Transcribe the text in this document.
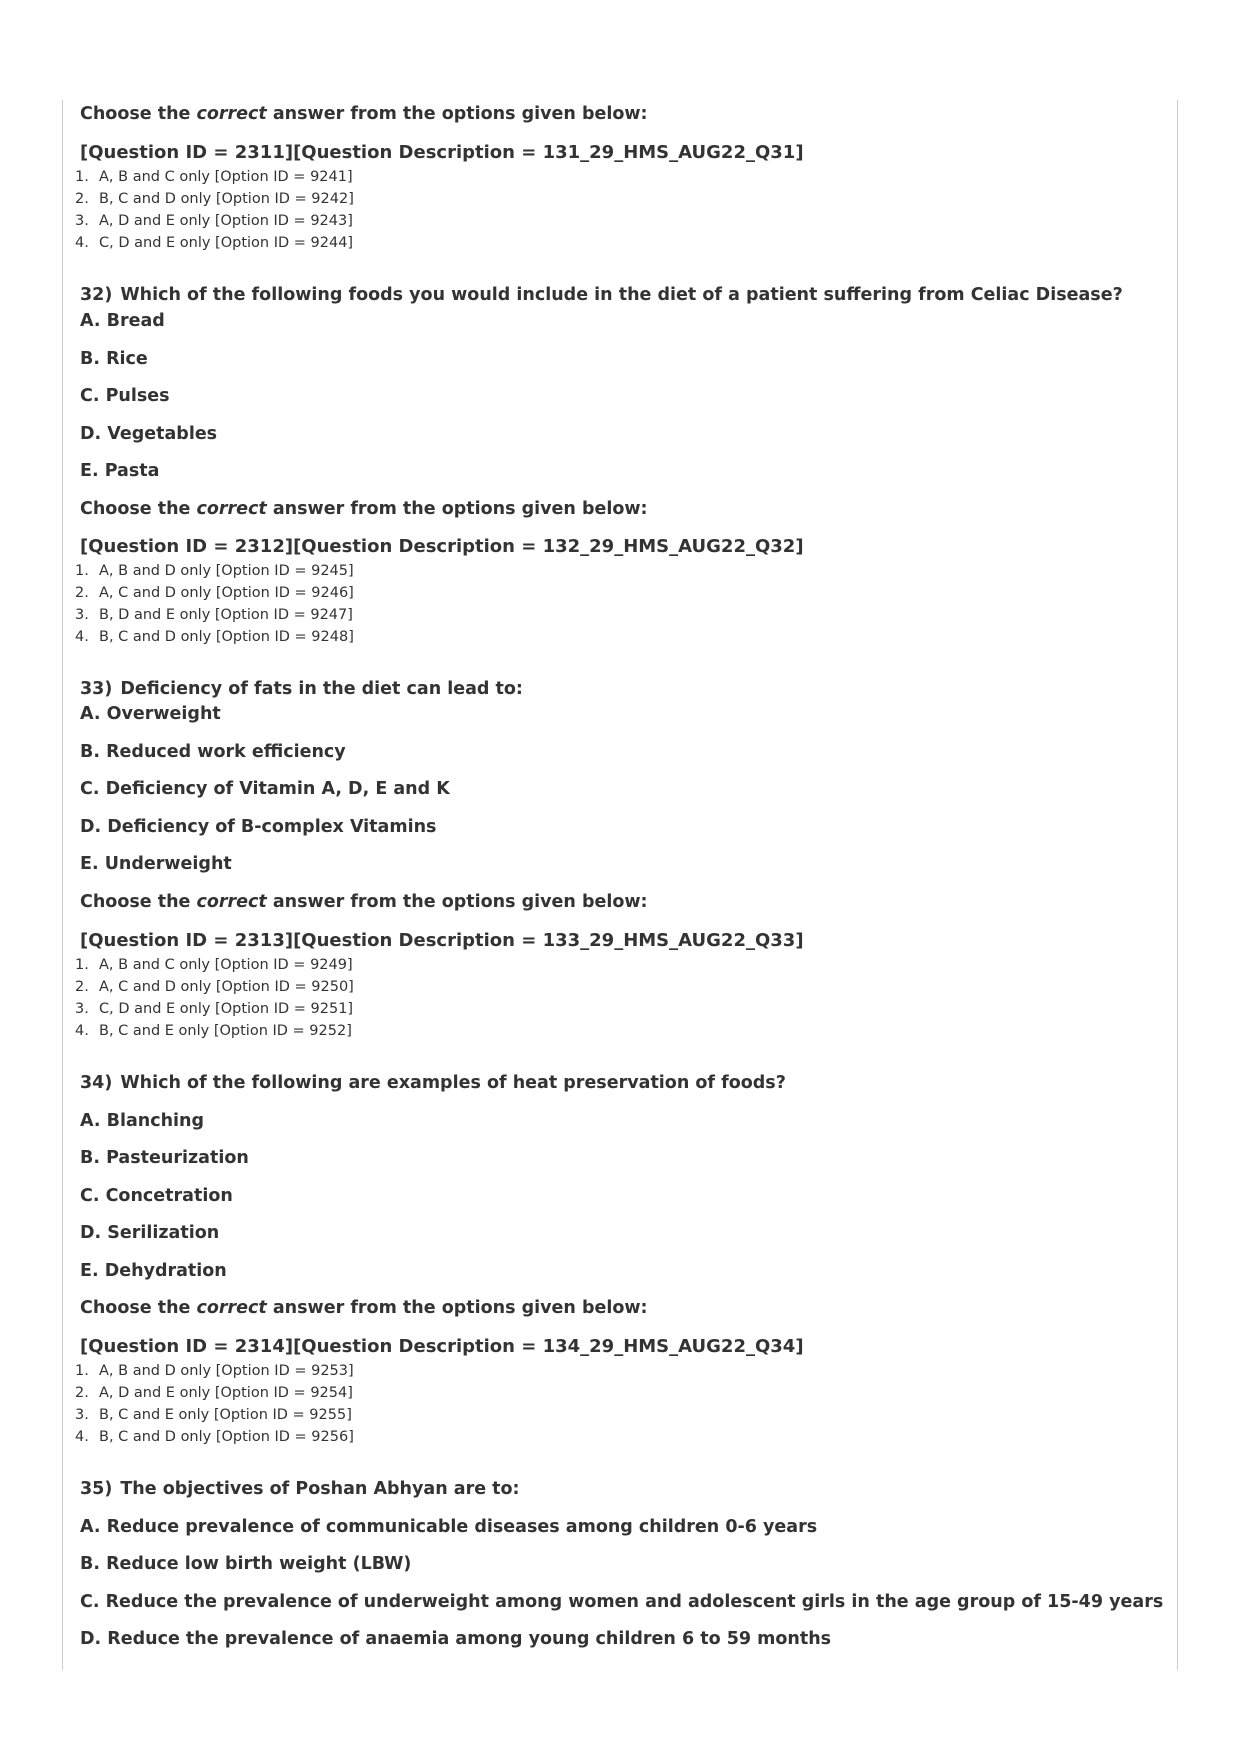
Choose the correct answer from the options given below:
[Question ID = 2311][Question Description = 131_29_HMS_AUG22_Q31]
1. A, B and C only [Option ID = 9241]
2. B, C and D only [Option ID = 9242]
3. A, D and E only [Option ID = 9243]
4. C, D and E only [Option ID = 9244]
32) Which of the following foods you would include in the diet of a patient suffering from Celiac Disease?
A. Bread
B. Rice
C. Pulses
D. Vegetables
E. Pasta
Choose the correct answer from the options given below:
[Question ID = 2312][Question Description = 132_29_HMS_AUG22_Q32]
1. A, B and D only [Option ID = 9245]
2. A, C and D only [Option ID = 9246]
3. B, D and E only [Option ID = 9247]
4. B, C and D only [Option ID = 9248]
33) Deficiency of fats in the diet can lead to:
A. Overweight
B. Reduced work efficiency
C. Deficiency of Vitamin A, D, E and K
D. Deficiency of B-complex Vitamins
E. Underweight
Choose the correct answer from the options given below:
[Question ID = 2313][Question Description = 133_29_HMS_AUG22_Q33]
1. A, B and C only [Option ID = 9249]
2. A, C and D only [Option ID = 9250]
3. C, D and E only [Option ID = 9251]
4. B, C and E only [Option ID = 9252]
34) Which of the following are examples of heat preservation of foods?
A. Blanching
B. Pasteurization
C. Concetration
D. Serilization
E. Dehydration
Choose the correct answer from the options given below:
[Question ID = 2314][Question Description = 134_29_HMS_AUG22_Q34]
1. A, B and D only [Option ID = 9253]
2. A, D and E only [Option ID = 9254]
3. B, C and E only [Option ID = 9255]
4. B, C and D only [Option ID = 9256]
35) The objectives of Poshan Abhyan are to:
A. Reduce prevalence of communicable diseases among children 0-6 years
B. Reduce low birth weight (LBW)
C. Reduce the prevalence of underweight among women and adolescent girls in the age group of 15-49 years
D. Reduce the prevalence of anaemia among young children 6 to 59 months
